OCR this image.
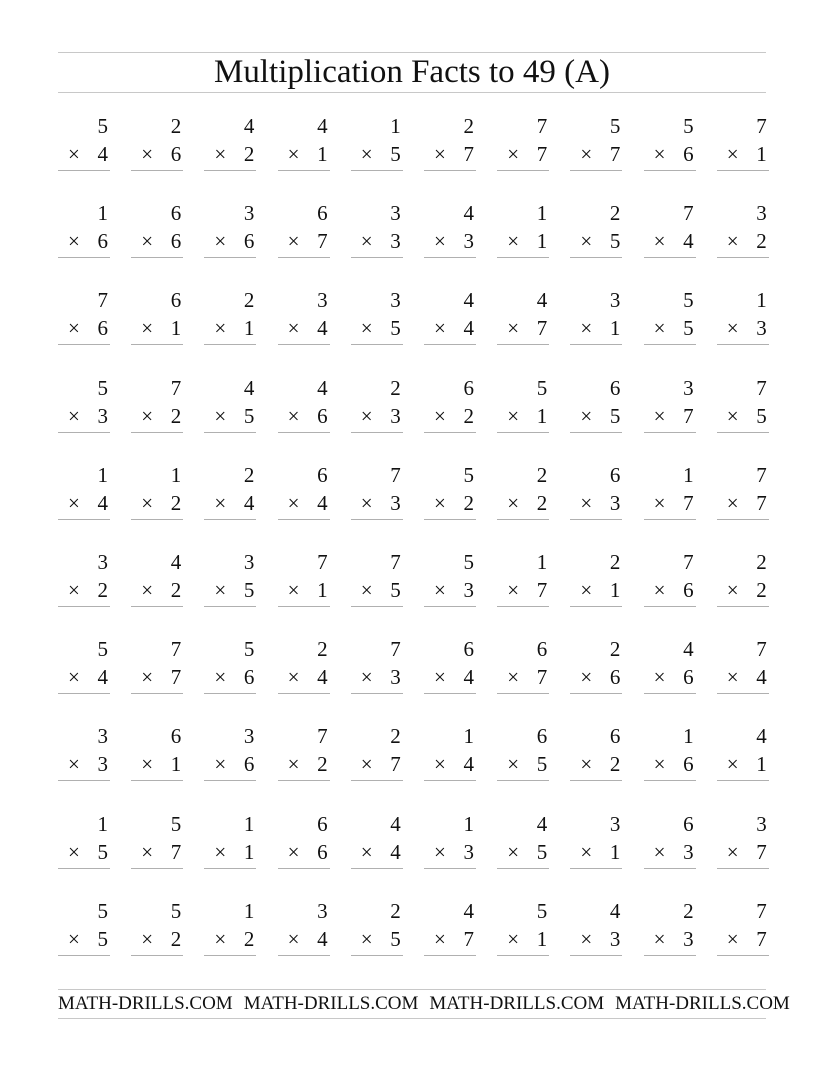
Multiplication Facts to 49 (A)
5
× 4
2
× 6
4
× 2
4
× 1
1
× 5
2
× 7
7
× 7
5
× 7
5
× 6
7
× 1
1
× 6
6
× 6
3
× 6
6
× 7
3
× 3
4
× 3
1
× 1
2
× 5
7
× 4
3
× 2
7
× 6
6
× 1
2
× 1
3
× 4
3
× 5
4
× 4
4
× 7
3
× 1
5
× 5
1
× 3
5
× 3
7
× 2
4
× 5
4
× 6
2
× 3
6
× 2
5
× 1
6
× 5
3
× 7
7
× 5
1
× 4
1
× 2
2
× 4
6
× 4
7
× 3
5
× 2
2
× 2
6
× 3
1
× 7
7
× 7
3
× 2
4
× 2
3
× 5
7
× 1
7
× 5
5
× 3
1
× 7
2
× 1
7
× 6
2
× 2
5
× 4
7
× 7
5
× 6
2
× 4
7
× 3
6
× 4
6
× 7
2
× 6
4
× 6
7
× 4
3
× 3
6
× 1
3
× 6
7
× 2
2
× 7
1
× 4
6
× 5
6
× 2
1
× 6
4
× 1
1
× 5
5
× 7
1
× 1
6
× 6
4
× 4
1
× 3
4
× 5
3
× 1
6
× 3
3
× 7
5
× 5
5
× 2
1
× 2
3
× 4
2
× 5
4
× 7
5
× 1
4
× 3
2
× 3
7
× 7
MATH-DRILLS.COM MATH-DRILLS.COM MATH-DRILLS.COM MATH-DRILLS.COM
